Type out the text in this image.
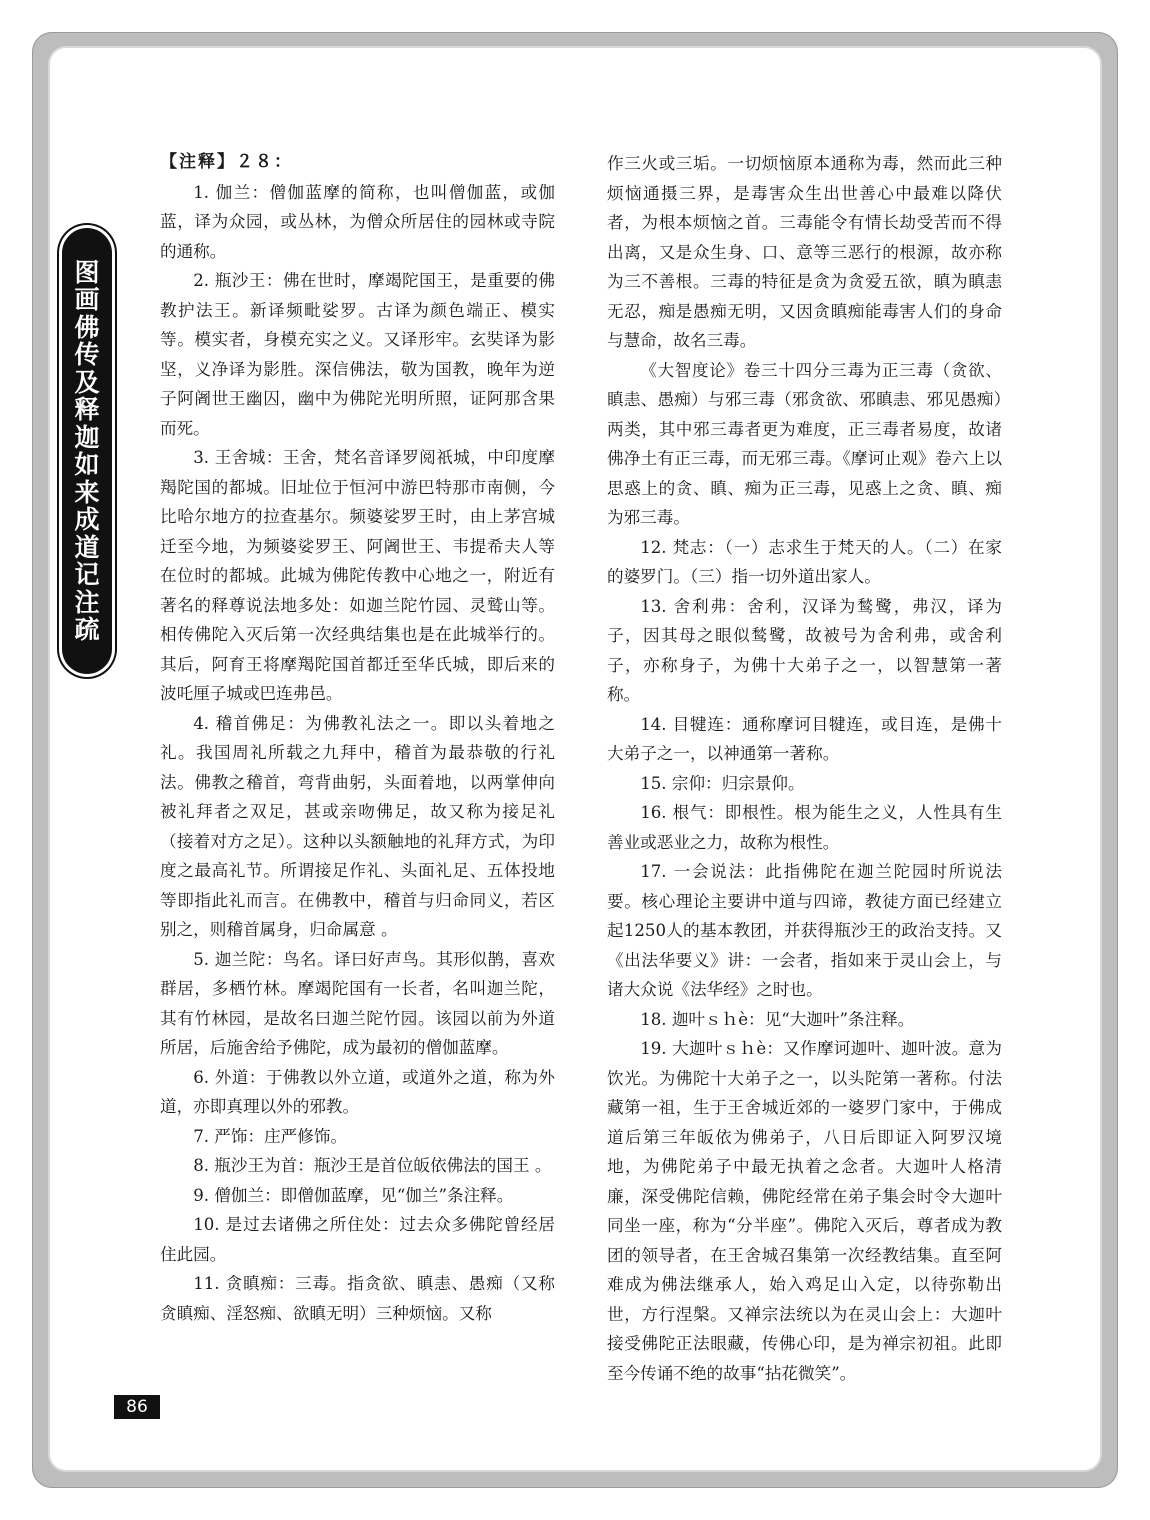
图
画
佛
传
及
释
迦
如
来
成
道
记
注
疏

【注释】２８：

1. 伽兰：僧伽蓝摩的简称，也叫僧伽蓝，或伽蓝，译为众园，或丛林，为僧众所居住的园林或寺院的通称。

2. 瓶沙王：佛在世时，摩竭陀国王，是重要的佛教护法王。新译频毗娑罗。古译为颜色端正、模实等。模实者，身模充实之义。又译形牢。玄奘译为影坚，义净译为影胜。深信佛法，敬为国教，晚年为逆子阿阇世王幽囚，幽中为佛陀光明所照，证阿那含果而死。

3. 王舍城：王舍，梵名音译罗阅祇城，中印度摩羯陀国的都城。旧址位于恒河中游巴特那市南侧，今比哈尔地方的拉查基尔。频婆娑罗王时，由上茅宫城迁至今地，为频婆娑罗王、阿阇世王、韦提希夫人等在位时的都城。此城为佛陀传教中心地之一，附近有著名的释尊说法地多处：如迦兰陀竹园、灵鹫山等。相传佛陀入灭后第一次经典结集也是在此城举行的。其后，阿育王将摩羯陀国首都迁至华氏城，即后来的波吒厘子城或巴连弗邑。

4. 稽首佛足：为佛教礼法之一。即以头着地之礼。我国周礼所载之九拜中，稽首为最恭敬的行礼法。佛教之稽首，弯背曲躬，头面着地，以两掌伸向被礼拜者之双足，甚或亲吻佛足，故又称为接足礼（接着对方之足）。这种以头额触地的礼拜方式，为印度之最高礼节。所谓接足作礼、头面礼足、五体投地等即指此礼而言。在佛教中，稽首与归命同义，若区别之，则稽首属身，归命属意 。

5. 迦兰陀：鸟名。译曰好声鸟。其形似鹊，喜欢群居，多栖竹林。摩竭陀国有一长者，名叫迦兰陀，其有竹林园，是故名曰迦兰陀竹园。该园以前为外道所居，后施舍给予佛陀，成为最初的僧伽蓝摩。

6. 外道：于佛教以外立道，或道外之道，称为外道，亦即真理以外的邪教。

7. 严饰：庄严修饰。

8. 瓶沙王为首：瓶沙王是首位皈依佛法的国王 。

9. 僧伽兰：即僧伽蓝摩，见“伽兰”条注释。

10. 是过去诸佛之所住处：过去众多佛陀曾经居住此园。

11. 贪瞋痴：三毒。指贪欲、瞋恚、愚痴（又称贪瞋痴、淫怒痴、欲瞋无明）三种烦恼。又称

作三火或三垢。一切烦恼原本通称为毒，然而此三种烦恼通摄三界，是毒害众生出世善心中最难以降伏者，为根本烦恼之首。三毒能令有情长劫受苦而不得出离，又是众生身、口、意等三恶行的根源，故亦称为三不善根。三毒的特征是贪为贪爱五欲，瞋为瞋恚无忍，痴是愚痴无明，又因贪瞋痴能毒害人们的身命与慧命，故名三毒。

《大智度论》卷三十四分三毒为正三毒（贪欲、瞋恚、愚痴）与邪三毒（邪贪欲、邪瞋恚、邪见愚痴）两类，其中邪三毒者更为难度，正三毒者易度，故诸佛净土有正三毒，而无邪三毒。《摩诃止观》卷六上以思惑上的贪、瞋、痴为正三毒，见惑上之贪、瞋、痴为邪三毒。

12. 梵志：（一）志求生于梵天的人。（二）在家的婆罗门。（三）指一切外道出家人。

13. 舍利弗：舍利，汉译为鹙鹭，弗汉，译为子，因其母之眼似鹙鹭，故被号为舍利弗，或舍利子，亦称身子，为佛十大弟子之一，以智慧第一著称。

14. 目犍连：通称摩诃目犍连，或目连，是佛十大弟子之一，以神通第一著称。

15. 宗仰：归宗景仰。

16. 根气：即根性。根为能生之义，人性具有生善业或恶业之力，故称为根性。

17. 一会说法：此指佛陀在迦兰陀园时所说法要。核心理论主要讲中道与四谛，教徒方面已经建立起1250人的基本教团，并获得瓶沙王的政治支持。又《出法华要义》讲：一会者，指如来于灵山会上，与诸大众说《法华经》之时也。

18. 迦叶ｓｈè：见“大迦叶”条注释。

19. 大迦叶ｓｈè：又作摩诃迦叶、迦叶波。意为饮光。为佛陀十大弟子之一，以头陀第一著称。付法藏第一祖，生于王舍城近郊的一婆罗门家中，于佛成道后第三年皈依为佛弟子，八日后即证入阿罗汉境地，为佛陀弟子中最无执着之念者。大迦叶人格清廉，深受佛陀信赖，佛陀经常在弟子集会时令大迦叶同坐一座，称为“分半座”。佛陀入灭后，尊者成为教团的领导者，在王舍城召集第一次经教结集。直至阿难成为佛法继承人，始入鸡足山入定，以待弥勒出世，方行涅槃。又禅宗法统以为在灵山会上：大迦叶接受佛陀正法眼藏，传佛心印，是为禅宗初祖。此即至今传诵不绝的故事“拈花微笑”。

86
